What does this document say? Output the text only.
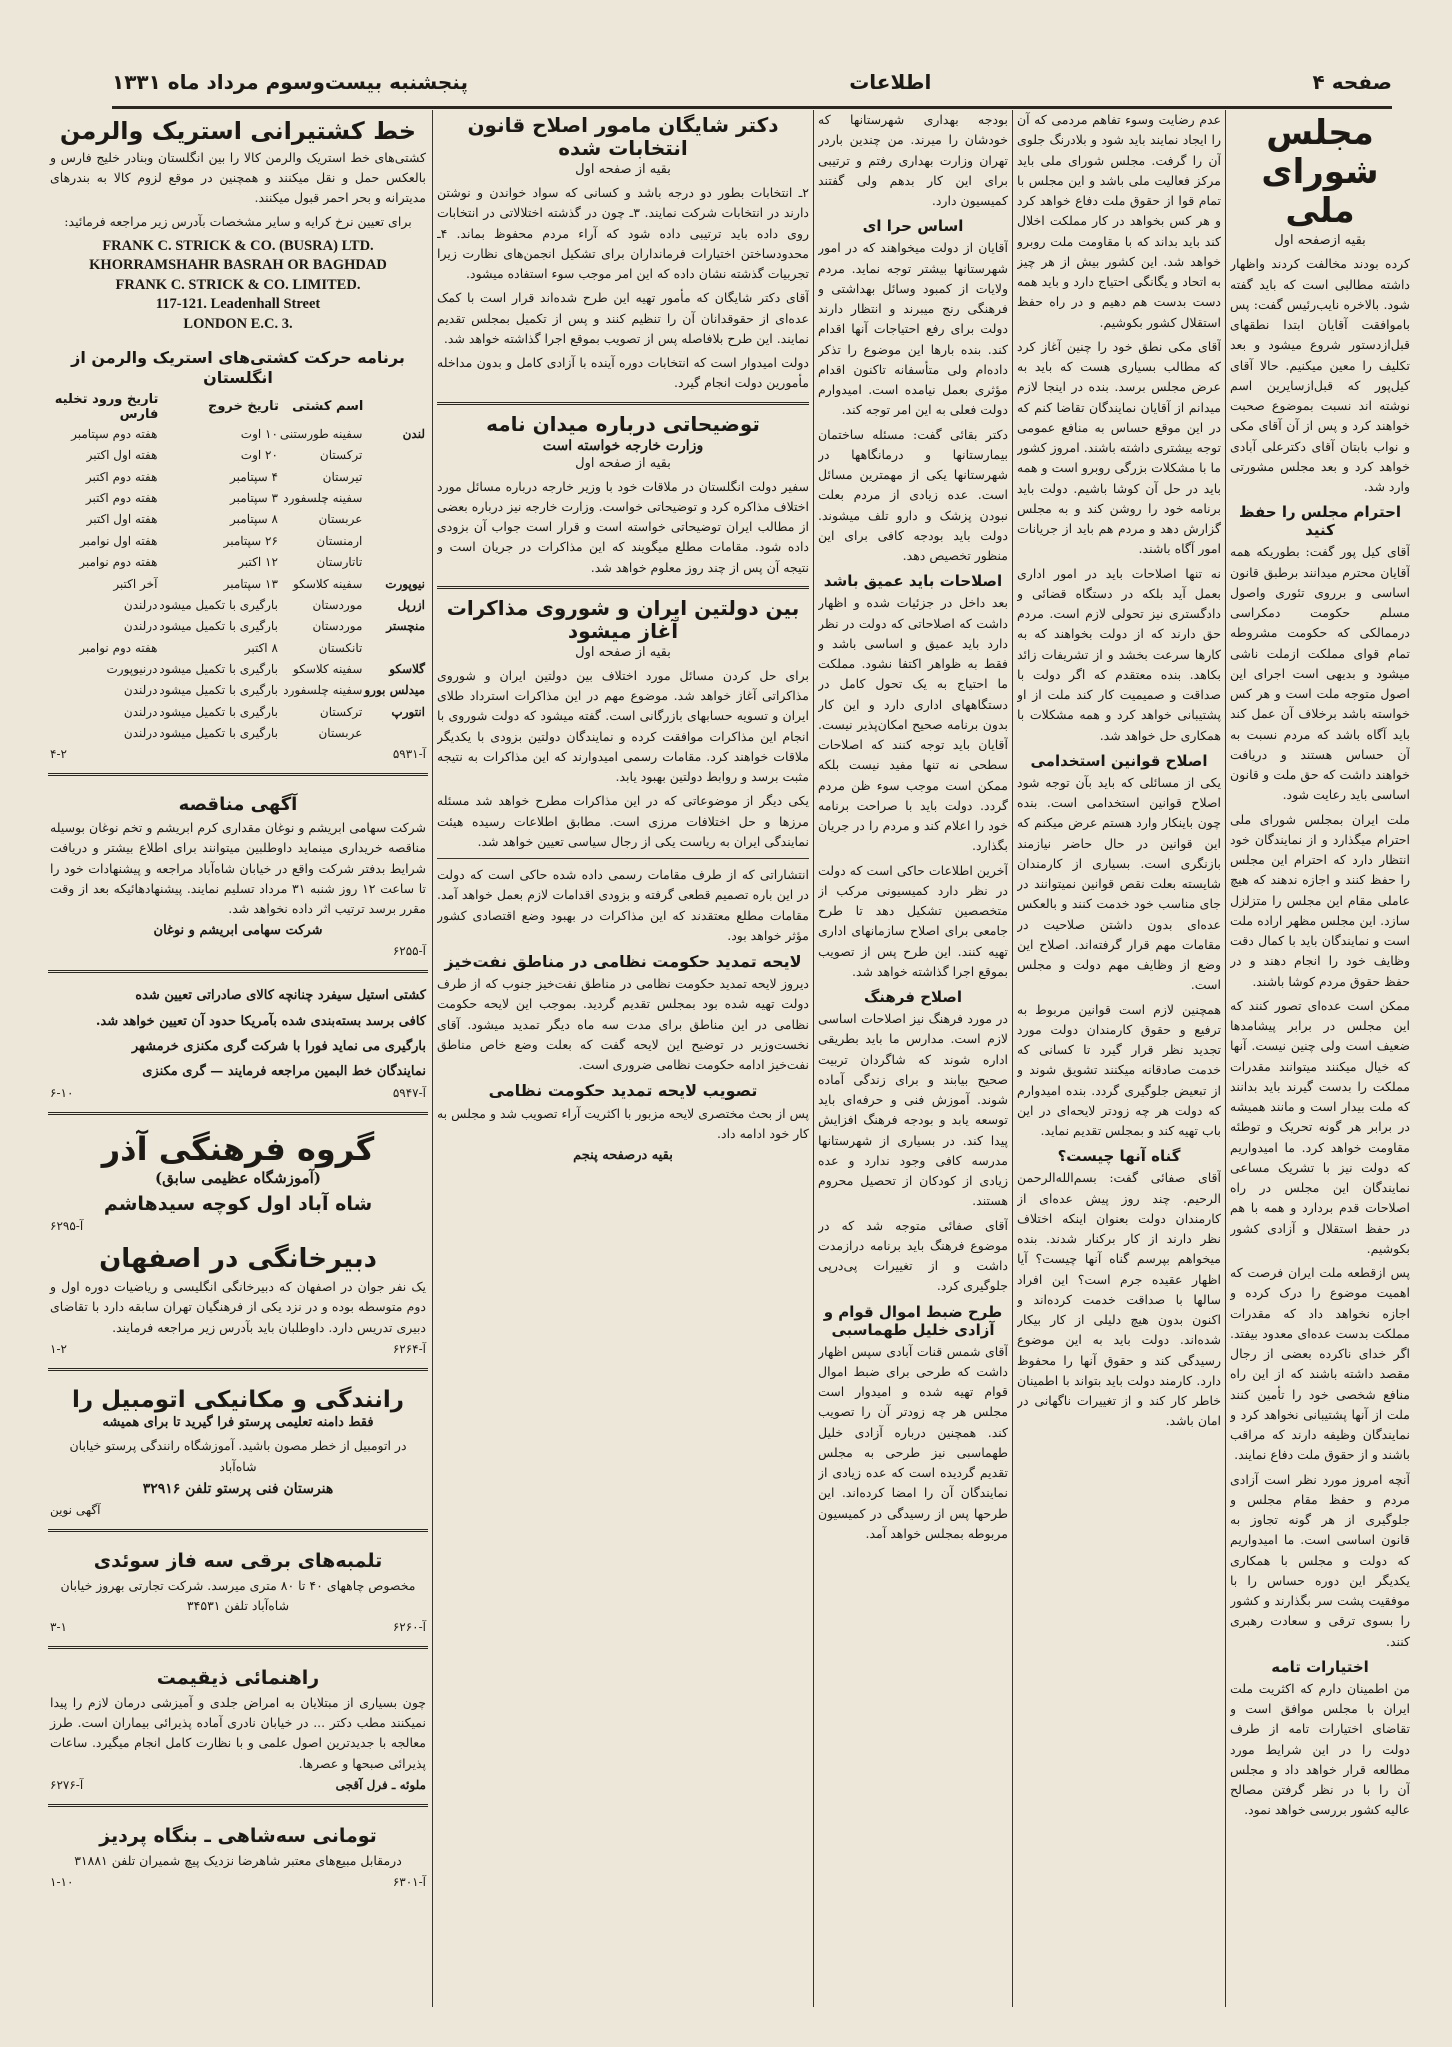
صفحه ۴
اطلاعات
پنجشنبه بیست‌وسوم مرداد ماه ۱۳۳۱
مجلس شورای ملی
بقیه ازصفحه اول

کرده بودند مخالفت کردند واظهار داشته مطالبی است که باید گفته شود. بالاخره نایب‌رئیس گفت: پس باموافقت آقایان ابتدا نطقهای قبل‌ازدستور شروع میشود و بعد تکلیف را معین میکنیم. حالا آقای کیل‌پور که قبل‌ازسایرین اسم نوشته اند نسبت بموضوع صحبت خواهند کرد و پس از آن آقای مکی و نواب بابتان آقای دکترعلی آبادی خواهد کرد و بعد مجلس مشورتی وارد شد.

احترام مجلس را حفظ کنید

آقای کیل پور گفت: بطوریکه همه آقایان محترم میدانند برطبق قانون اساسی و برروی تئوری واصول مسلم حکومت دمکراسی درممالکی که حکومت مشروطه تمام قوای مملکت ازملت ناشی میشود و بدیهی است اجرای این اصول متوجه ملت است و هر کس خواسته باشد برخلاف آن عمل کند باید آگاه باشد که مردم نسبت به آن حساس هستند و دریافت خواهند داشت که حق ملت و قانون اساسی باید رعایت شود.

ملت ایران بمجلس شورای ملی احترام میگذارد و از نمایندگان خود انتظار دارد که احترام این مجلس را حفظ کنند و اجازه ندهند که هیچ عاملی مقام این مجلس را متزلزل سازد. این مجلس مظهر اراده ملت است و نمایندگان باید با کمال دقت وظایف خود را انجام دهند و در حفظ حقوق مردم کوشا باشند.

ممکن است عده‌ای تصور کنند که این مجلس در برابر پیشامدها ضعیف است ولی چنین نیست. آنها که خیال میکنند میتوانند مقدرات مملکت را بدست گیرند باید بدانند که ملت بیدار است و مانند همیشه در برابر هر گونه تحریک و توطئه مقاومت خواهد کرد. ما امیدواریم که دولت نیز با تشریک مساعی نمایندگان این مجلس در راه اصلاحات قدم بردارد و همه با هم در حفظ استقلال و آزادی کشور بکوشیم.

پس ازقطعه ملت ایران فرصت که اهمیت موضوع را درک کرده و اجازه نخواهد داد که مقدرات مملکت بدست عده‌ای معدود بیفتد. اگر خدای ناکرده بعضی از رجال مقصد داشته باشند که از این راه منافع شخصی خود را تأمین کنند ملت از آنها پشتیبانی نخواهد کرد و نمایندگان وظیفه دارند که مراقب باشند و از حقوق ملت دفاع نمایند.

آنچه امروز مورد نظر است آزادی مردم و حفظ مقام مجلس و جلوگیری از هر گونه تجاوز به قانون اساسی است. ما امیدواریم که دولت و مجلس با همکاری یکدیگر این دوره حساس را با موفقیت پشت سر بگذارند و کشور را بسوی ترقی و سعادت رهبری کنند.

اختیارات تامه

من اطمینان دارم که اکثریت ملت ایران با مجلس موافق است و تقاضای اختیارات تامه از طرف دولت را در این شرایط مورد مطالعه قرار خواهد داد و مجلس آن را با در نظر گرفتن مصالح عالیه کشور بررسی خواهد نمود.

عدم رضایت وسوء تفاهم مردمی که آن را ایجاد نمایند باید شود و بلادرنگ جلوی آن را گرفت. مجلس شورای ملی باید مرکز فعالیت ملی باشد و این مجلس با تمام قوا از حقوق ملت دفاع خواهد کرد و هر کس بخواهد در کار مملکت اخلال کند باید بداند که با مقاومت ملت روبرو خواهد شد. این کشور بیش از هر چیز به اتحاد و یگانگی احتیاج دارد و باید همه دست بدست هم دهیم و در راه حفظ استقلال کشور بکوشیم.

آقای مکی نطق خود را چنین آغاز کرد که مطالب بسیاری هست که باید به عرض مجلس برسد. بنده در اینجا لازم میدانم از آقایان نمایندگان تقاضا کنم که در این موقع حساس به منافع عمومی توجه بیشتری داشته باشند. امروز کشور ما با مشکلات بزرگی روبرو است و همه باید در حل آن کوشا باشیم. دولت باید برنامه خود را روشن کند و به مجلس گزارش دهد و مردم هم باید از جریانات امور آگاه باشند.

نه تنها اصلاحات باید در امور اداری بعمل آید بلکه در دستگاه قضائی و دادگستری نیز تحولی لازم است. مردم حق دارند که از دولت بخواهند که به کارها سرعت بخشد و از تشریفات زائد بکاهد. بنده معتقدم که اگر دولت با صداقت و صمیمیت کار کند ملت از او پشتیبانی خواهد کرد و همه مشکلات با همکاری حل خواهد شد.

اصلاح قوانین استخدامی

یکی از مسائلی که باید بآن توجه شود اصلاح قوانین استخدامی است. بنده چون باینکار وارد هستم عرض میکنم که این قوانین در حال حاضر نیازمند بازنگری است. بسیاری از کارمندان شایسته بعلت نقص قوانین نمیتوانند در جای مناسب خود خدمت کنند و بالعکس عده‌ای بدون داشتن صلاحیت در مقامات مهم قرار گرفته‌اند. اصلاح این وضع از وظایف مهم دولت و مجلس است.

همچنین لازم است قوانین مربوط به ترفیع و حقوق کارمندان دولت مورد تجدید نظر قرار گیرد تا کسانی که خدمت صادقانه میکنند تشویق شوند و از تبعیض جلوگیری گردد. بنده امیدوارم که دولت هر چه زودتر لایحه‌ای در این باب تهیه کند و بمجلس تقدیم نماید.

گناه آنها چیست؟

آقای صفائی گفت: بسم‌الله‌الرحمن الرحیم. چند روز پیش عده‌ای از کارمندان دولت بعنوان اینکه اختلاف نظر دارند از کار برکنار شدند. بنده میخواهم بپرسم گناه آنها چیست؟ آیا اظهار عقیده جرم است؟ این افراد سالها با صداقت خدمت کرده‌اند و اکنون بدون هیچ دلیلی از کار بیکار شده‌اند. دولت باید به این موضوع رسیدگی کند و حقوق آنها را محفوظ دارد. کارمند دولت باید بتواند با اطمینان خاطر کار کند و از تغییرات ناگهانی در امان باشد.

بودجه بهداری شهرستانها که خودشان را میرند. من چندین باردر تهران وزارت بهداری رفتم و ترتیبی برای این کار بدهم ولی گفتند کمیسیون دارد.

اساس حرا ای

آقایان از دولت میخواهند که در امور شهرستانها بیشتر توجه نماید. مردم ولایات از کمبود وسائل بهداشتی و فرهنگی رنج میبرند و انتظار دارند دولت برای رفع احتیاجات آنها اقدام کند. بنده بارها این موضوع را تذکر داده‌ام ولی متأسفانه تاکنون اقدام مؤثری بعمل نیامده است. امیدوارم دولت فعلی به این امر توجه کند.

دکتر بقائی گفت: مسئله ساختمان بیمارستانها و درمانگاهها در شهرستانها یکی از مهمترین مسائل است. عده زیادی از مردم بعلت نبودن پزشک و دارو تلف میشوند. دولت باید بودجه کافی برای این منظور تخصیص دهد.

اصلاحات باید عمیق باشد

بعد داخل در جزئیات شده و اظهار داشت که اصلاحاتی که دولت در نظر دارد باید عمیق و اساسی باشد و فقط به ظواهر اکتفا نشود. مملکت ما احتیاج به یک تحول کامل در دستگاههای اداری دارد و این کار بدون برنامه صحیح امکان‌پذیر نیست. آقایان باید توجه کنند که اصلاحات سطحی نه تنها مفید نیست بلکه ممکن است موجب سوء ظن مردم گردد. دولت باید با صراحت برنامه خود را اعلام کند و مردم را در جریان بگذارد.

آخرین اطلاعات حاکی است که دولت در نظر دارد کمیسیونی مرکب از متخصصین تشکیل دهد تا طرح جامعی برای اصلاح سازمانهای اداری تهیه کنند. این طرح پس از تصویب بموقع اجرا گذاشته خواهد شد.

اصلاح فرهنگ

در مورد فرهنگ نیز اصلاحات اساسی لازم است. مدارس ما باید بطریقی اداره شوند که شاگردان تربیت صحیح بیابند و برای زندگی آماده شوند. آموزش فنی و حرفه‌ای باید توسعه یابد و بودجه فرهنگ افزایش پیدا کند. در بسیاری از شهرستانها مدرسه کافی وجود ندارد و عده زیادی از کودکان از تحصیل محروم هستند.

آقای صفائی متوجه شد که در موضوع فرهنگ باید برنامه درازمدت داشت و از تغییرات پی‌درپی جلوگیری کرد.

طرح ضبط اموال قوام و آزادی خلیل طهماسبی

آقای شمس قنات آبادی سپس اظهار داشت که طرحی برای ضبط اموال قوام تهیه شده و امیدوار است مجلس هر چه زودتر آن را تصویب کند. همچنین درباره آزادی خلیل طهماسبی نیز طرحی به مجلس تقدیم گردیده است که عده زیادی از نمایندگان آن را امضا کرده‌اند. این طرحها پس از رسیدگی در کمیسیون مربوطه بمجلس خواهد آمد.

دکتر شایگان مامور اصلاح قانون انتخابات شده
بقیه از صفحه اول

۲ـ انتخابات بطور دو درجه باشد و کسانی که سواد خواندن و نوشتن دارند در انتخابات شرکت نمایند. ۳ـ چون در گذشته اختلالاتی در انتخابات روی داده باید ترتیبی داده شود که آراء مردم محفوظ بماند. ۴ـ محدودساختن اختیارات فرمانداران برای تشکیل انجمن‌های نظارت زیرا تجربیات گذشته نشان داده که این امر موجب سوء استفاده میشود.

آقای دکتر شایگان که مأمور تهیه این طرح شده‌اند قرار است با کمک عده‌ای از حقوقدانان آن را تنظیم کنند و پس از تکمیل بمجلس تقدیم نمایند. این طرح بلافاصله پس از تصویب بموقع اجرا گذاشته خواهد شد.

دولت امیدوار است که انتخابات دوره آینده با آزادی کامل و بدون مداخله مأمورین دولت انجام گیرد.

توضیحاتی درباره میدان نامه
وزارت خارجه خواسته است
بقیه از صفحه اول

سفیر دولت انگلستان در ملاقات خود با وزیر خارجه درباره مسائل مورد اختلاف مذاکره کرد و توضیحاتی خواست. وزارت خارجه نیز درباره بعضی از مطالب ایران توضیحاتی خواسته است و قرار است جواب آن بزودی داده شود. مقامات مطلع میگویند که این مذاکرات در جریان است و نتیجه آن پس از چند روز معلوم خواهد شد.

بین دولتین ایران و شوروی مذاکرات آغاز میشود
بقیه از صفحه اول

برای حل کردن مسائل مورد اختلاف بین دولتین ایران و شوروی مذاکراتی آغاز خواهد شد. موضوع مهم در این مذاکرات استرداد طلای ایران و تسویه حسابهای بازرگانی است. گفته میشود که دولت شوروی با انجام این مذاکرات موافقت کرده و نمایندگان دولتین بزودی با یکدیگر ملاقات خواهند کرد. مقامات رسمی امیدوارند که این مذاکرات به نتیجه مثبت برسد و روابط دولتین بهبود یابد.

یکی دیگر از موضوعاتی که در این مذاکرات مطرح خواهد شد مسئله مرزها و حل اختلافات مرزی است. مطابق اطلاعات رسیده هیئت نمایندگی ایران به ریاست یکی از رجال سیاسی تعیین خواهد شد.

انتشاراتی که از طرف مقامات رسمی داده شده حاکی است که دولت در این باره تصمیم قطعی گرفته و بزودی اقدامات لازم بعمل خواهد آمد. مقامات مطلع معتقدند که این مذاکرات در بهبود وضع اقتصادی کشور مؤثر خواهد بود.

لایحه تمدید حکومت نظامی در مناطق نفت‌خیز

دیروز لایحه تمدید حکومت نظامی در مناطق نفت‌خیز جنوب که از طرف دولت تهیه شده بود بمجلس تقدیم گردید. بموجب این لایحه حکومت نظامی در این مناطق برای مدت سه ماه دیگر تمدید میشود. آقای نخست‌وزیر در توضیح این لایحه گفت که بعلت وضع خاص مناطق نفت‌خیز ادامه حکومت نظامی ضروری است.

تصویب لایحه تمدید حکومت نظامی

پس از بحث مختصری لایحه مزبور با اکثریت آراء تصویب شد و مجلس به کار خود ادامه داد.

بقیه درصفحه پنجم
خط کشتیرانی استریک والرمن

کشتی‌های خط استریک والرمن کالا را بین انگلستان وبنادر خلیج فارس و بالعکس حمل و نقل میکنند و همچنین در موقع لزوم کالا به بندرهای مدیترانه و بحر احمر قبول میکنند.

برای تعیین نرخ کرایه و سایر مشخصات بآدرس زیر مراجعه فرمائید:

FRANK C. STRICK & CO. (BUSRA) LTD.
KHORRAMSHAHR BASRAH OR BAGHDAD
FRANK C. STRICK & CO. LIMITED.
117-121. Leadenhall Street
LONDON E.C. 3.
برنامه حرکت کشتی‌های استریک والرمن از انگلستان
	اسم کشتی	تاریخ خروج	تاریخ ورود تخلیه فارس
لندن	سفینه طورستنی	۱۰ اوت	هفته دوم سپتامبر
	ترکستان	۲۰ اوت	هفته اول اکتبر
	تیرستان	۴ سپتامبر	هفته دوم اکتبر
	سفینه چلسفورد	۳ سپتامبر	هفته دوم اکتبر
	عربستان	۸ سپتامبر	هفته اول اکتبر
	ارمنستان	۲۶ سپتامبر	هفته اول نوامبر
	تاتارستان	۱۲ اکتبر	هفته دوم نوامبر
نیوپورت	سفینه کلاسکو	۱۳ سپتامبر	آخر اکتبر
ازرپل	موردستان	بارگیری با تکمیل میشود	درلندن
منچستر	موردستان	بارگیری با تکمیل میشود	درلندن
	تانکستان	۸ اکتبر	هفته دوم نوامبر
گلاسکو	سفینه کلاسکو	بارگیری با تکمیل میشود	درنیوپورت
میدلس بورو	سفینه چلسفورد	بارگیری با تکمیل میشود	درلندن
انتورپ	ترکستان	بارگیری با تکمیل میشود	درلندن
	عربستان	بارگیری با تکمیل میشود	درلندن
آ-۵۹۳۱
۴-۲
آگهی مناقصه

شرکت سهامی ابریشم و نوغان مقداری کرم ابریشم و تخم نوغان بوسیله مناقصه خریداری مینماید داوطلبین میتوانند برای اطلاع بیشتر و دریافت شرایط بدفتر شرکت واقع در خیابان شاه‌آباد مراجعه و پیشنهادات خود را تا ساعت ۱۲ روز شنبه ۳۱ مرداد تسلیم نمایند. پیشنهادهائیکه بعد از وقت مقرر برسد ترتیب اثر داده نخواهد شد.

شرکت سهامی ابریشم و نوغان
آ-۶۲۵۵

کشتی استیل سیفرد چنانچه کالای صادراتی تعیین شده

کافی برسد بسته‌بندی شده بآمریکا حدود آن تعیین خواهد شد.

بارگیری می نماید فورا با شرکت گری مکنزی خرمشهر

نمایندگان خط البمین مراجعه فرمایند — گری مکنزی

آ-۵۹۴۷
۶-۱۰
گروه فرهنگی آذر
(آموزشگاه عظیمی سابق)
شاه آباد اول کوچه سیدهاشم
آ-۶۲۹۵
دبیرخانگی در اصفهان

یک نفر جوان در اصفهان که دبیرخانگی انگلیسی و ریاضیات دوره اول و دوم متوسطه بوده و در نزد یکی از فرهنگیان تهران سابقه دارد با تقاضای دبیری تدریس دارد. داوطلبان باید بآدرس زیر مراجعه فرمایند.

آ-۶۲۶۴
۱-۲
رانندگی و مکانیکی اتومبیل را
فقط دامنه تعلیمی پرستو فرا گیرید تا برای همیشه

در اتومبیل از خطر مصون باشید. آموزشگاه رانندگی پرستو خیابان شاه‌آباد

هنرستان فنی پرستو تلفن ۳۲۹۱۶
آگهی نوین
تلمبه‌های برقی سه فاز سوئدی

مخصوص چاههای ۴۰ تا ۸۰ متری میرسد. شرکت تجارتی بهروز خیابان شاه‌آباد تلفن ۳۴۵۳۱

آ-۶۲۶۰
۳-۱
راهنمائی ذیقیمت

چون بسیاری از مبتلایان به امراض جلدی و آمیزشی درمان لازم را پیدا نمیکنند مطب دکتر ... در خیابان نادری آماده پذیرائی بیماران است. طرز معالجه با جدیدترین اصول علمی و با نظارت کامل انجام میگیرد. ساعات پذیرائی صبحها و عصرها.

ملوئه ـ فرل آقجی
آ-۶۲۷۶
تومانی سه‌شاهی ـ بنگاه پردیز

درمقابل مبیع‌های معتبر شاهرضا نزدیک پیچ شمیران تلفن ۳۱۸۸۱

آ-۶۳۰۱
۱-۱۰
